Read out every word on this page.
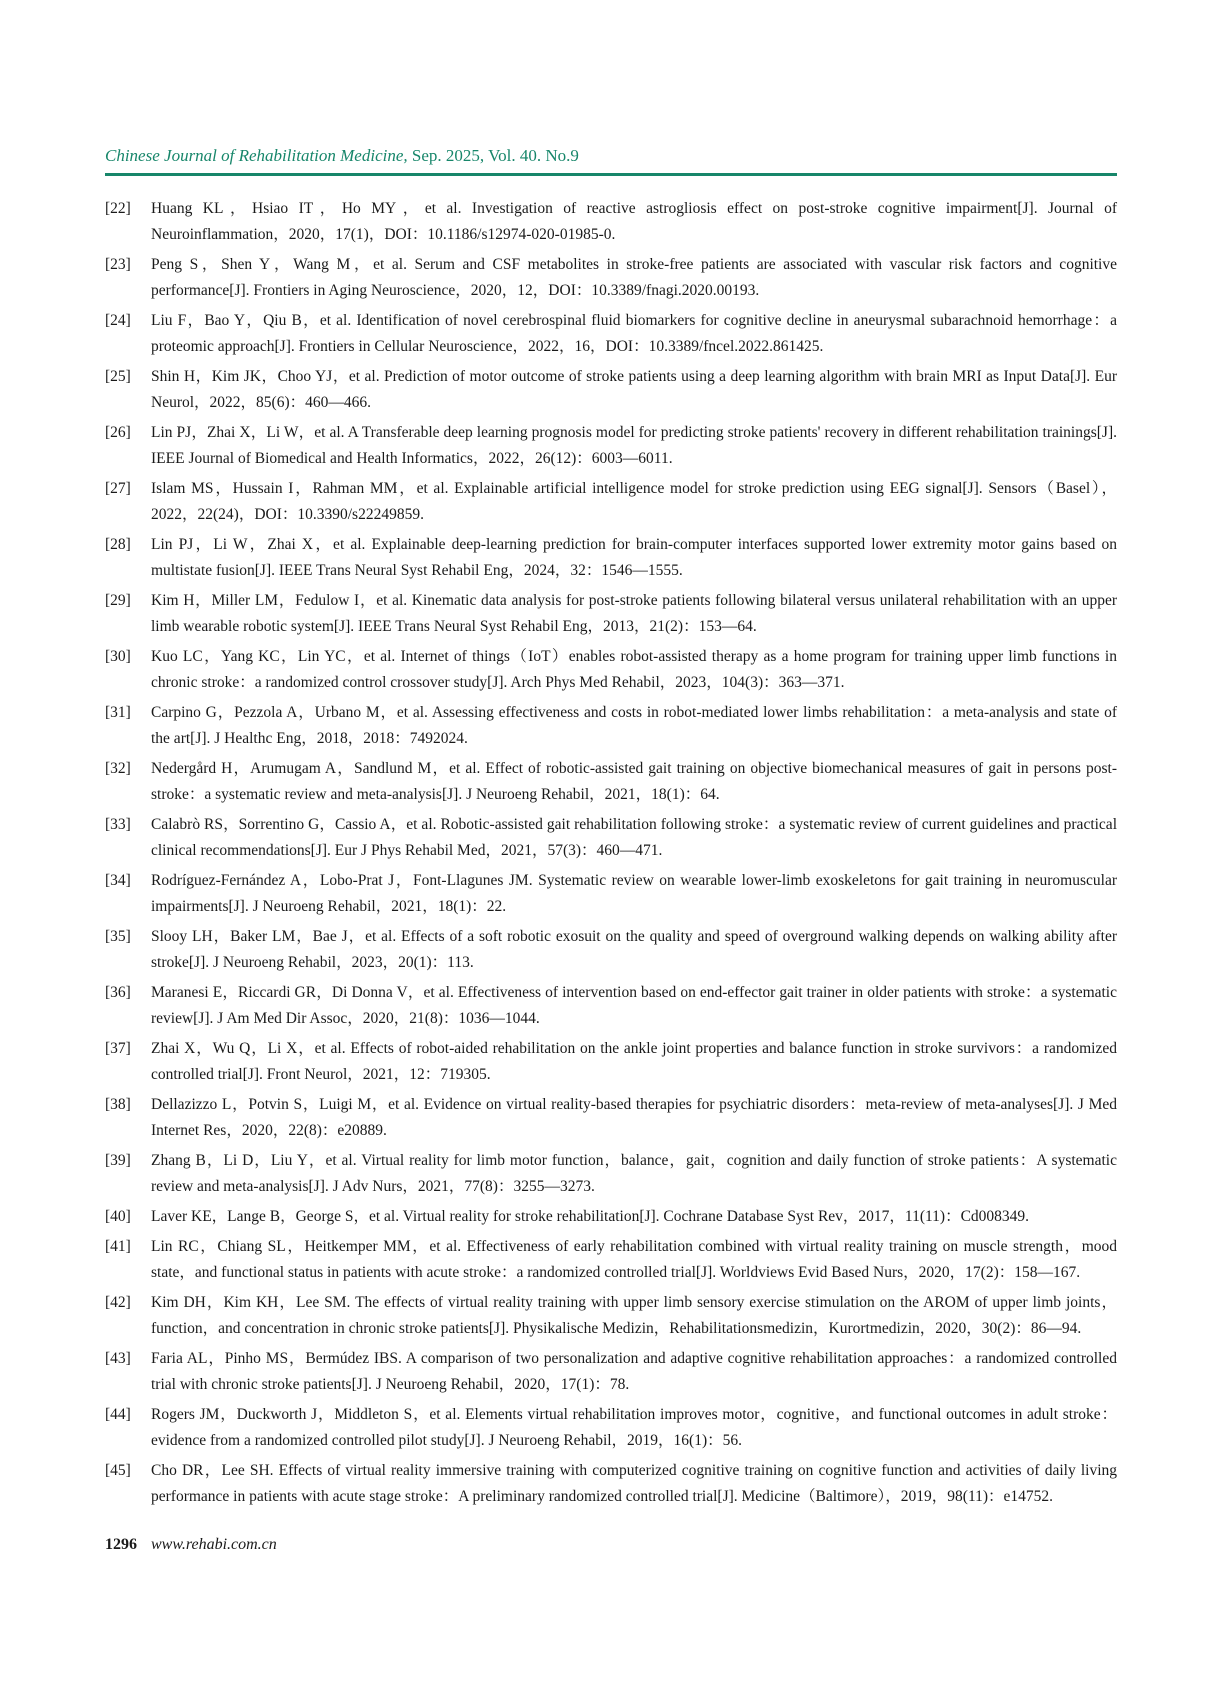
Chinese Journal of Rehabilitation Medicine, Sep. 2025, Vol. 40. No.9
[22]	Huang KL，Hsiao IT，Ho MY，et al. Investigation of reactive astrogliosis effect on post-stroke cognitive impairment[J]. Journal of Neuroinflammation，2020，17(1)，DOI：10.1186/s12974-020-01985-0.
[23]	Peng S，Shen Y，Wang M，et al. Serum and CSF metabolites in stroke-free patients are associated with vascular risk factors and cognitive performance[J]. Frontiers in Aging Neuroscience，2020，12，DOI：10.3389/fnagi.2020.00193.
[24]	Liu F，Bao Y，Qiu B，et al. Identification of novel cerebrospinal fluid biomarkers for cognitive decline in aneurysmal subarachnoid hemorrhage：a proteomic approach[J]. Frontiers in Cellular Neuroscience，2022，16，DOI：10.3389/fncel.2022.861425.
[25]	Shin H，Kim JK，Choo YJ，et al. Prediction of motor outcome of stroke patients using a deep learning algorithm with brain MRI as Input Data[J]. Eur Neurol，2022，85(6)：460—466.
[26]	Lin PJ，Zhai X，Li W，et al. A Transferable deep learning prognosis model for predicting stroke patients' recovery in different rehabilitation trainings[J]. IEEE Journal of Biomedical and Health Informatics，2022，26(12)：6003—6011.
[27]	Islam MS，Hussain I，Rahman MM，et al. Explainable artificial intelligence model for stroke prediction using EEG signal[J]. Sensors（Basel），2022，22(24)，DOI：10.3390/s22249859.
[28]	Lin PJ，Li W，Zhai X，et al. Explainable deep-learning prediction for brain-computer interfaces supported lower extremity motor gains based on multistate fusion[J]. IEEE Trans Neural Syst Rehabil Eng，2024，32：1546—1555.
[29]	Kim H，Miller LM，Fedulow I，et al. Kinematic data analysis for post-stroke patients following bilateral versus unilateral rehabilitation with an upper limb wearable robotic system[J]. IEEE Trans Neural Syst Rehabil Eng，2013，21(2)：153—64.
[30]	Kuo LC，Yang KC，Lin YC，et al. Internet of things（IoT）enables robot-assisted therapy as a home program for training upper limb functions in chronic stroke：a randomized control crossover study[J]. Arch Phys Med Rehabil，2023，104(3)：363—371.
[31]	Carpino G，Pezzola A，Urbano M，et al. Assessing effectiveness and costs in robot-mediated lower limbs rehabilitation：a meta-analysis and state of the art[J]. J Healthc Eng，2018，2018：7492024.
[32]	Nedergård H，Arumugam A，Sandlund M，et al. Effect of robotic-assisted gait training on objective biomechanical measures of gait in persons post-stroke：a systematic review and meta-analysis[J]. J Neuroeng Rehabil，2021，18(1)：64.
[33]	Calabrò RS，Sorrentino G，Cassio A，et al. Robotic-assisted gait rehabilitation following stroke：a systematic review of current guidelines and practical clinical recommendations[J]. Eur J Phys Rehabil Med，2021，57(3)：460—471.
[34]	Rodríguez-Fernández A，Lobo-Prat J，Font-Llagunes JM. Systematic review on wearable lower-limb exoskeletons for gait training in neuromuscular impairments[J]. J Neuroeng Rehabil，2021，18(1)：22.
[35]	Slooy LH，Baker LM，Bae J，et al. Effects of a soft robotic exosuit on the quality and speed of overground walking depends on walking ability after stroke[J]. J Neuroeng Rehabil，2023，20(1)：113.
[36]	Maranesi E，Riccardi GR，Di Donna V，et al. Effectiveness of intervention based on end-effector gait trainer in older patients with stroke：a systematic review[J]. J Am Med Dir Assoc，2020，21(8)：1036—1044.
[37]	Zhai X，Wu Q，Li X，et al. Effects of robot-aided rehabilitation on the ankle joint properties and balance function in stroke survivors：a randomized controlled trial[J]. Front Neurol，2021，12：719305.
[38]	Dellazizzo L，Potvin S，Luigi M，et al. Evidence on virtual reality-based therapies for psychiatric disorders：meta-review of meta-analyses[J]. J Med Internet Res，2020，22(8)：e20889.
[39]	Zhang B，Li D，Liu Y，et al. Virtual reality for limb motor function，balance，gait，cognition and daily function of stroke patients：A systematic review and meta-analysis[J]. J Adv Nurs，2021，77(8)：3255—3273.
[40]	Laver KE，Lange B，George S，et al. Virtual reality for stroke rehabilitation[J]. Cochrane Database Syst Rev，2017，11(11)：Cd008349.
[41]	Lin RC，Chiang SL，Heitkemper MM，et al. Effectiveness of early rehabilitation combined with virtual reality training on muscle strength，mood state，and functional status in patients with acute stroke：a randomized controlled trial[J]. Worldviews Evid Based Nurs，2020，17(2)：158—167.
[42]	Kim DH，Kim KH，Lee SM. The effects of virtual reality training with upper limb sensory exercise stimulation on the AROM of upper limb joints，function，and concentration in chronic stroke patients[J]. Physikalische Medizin，Rehabilitationsmedizin，Kurortmedizin，2020，30(2)：86—94.
[43]	Faria AL，Pinho MS，Bermúdez IBS. A comparison of two personalization and adaptive cognitive rehabilitation approaches：a randomized controlled trial with chronic stroke patients[J]. J Neuroeng Rehabil，2020，17(1)：78.
[44]	Rogers JM，Duckworth J，Middleton S，et al. Elements virtual rehabilitation improves motor，cognitive，and functional outcomes in adult stroke：evidence from a randomized controlled pilot study[J]. J Neuroeng Rehabil，2019，16(1)：56.
[45]	Cho DR，Lee SH. Effects of virtual reality immersive training with computerized cognitive training on cognitive function and activities of daily living performance in patients with acute stage stroke：A preliminary randomized controlled trial[J]. Medicine（Baltimore），2019，98(11)：e14752.
1296 www.rehabi.com.cn
